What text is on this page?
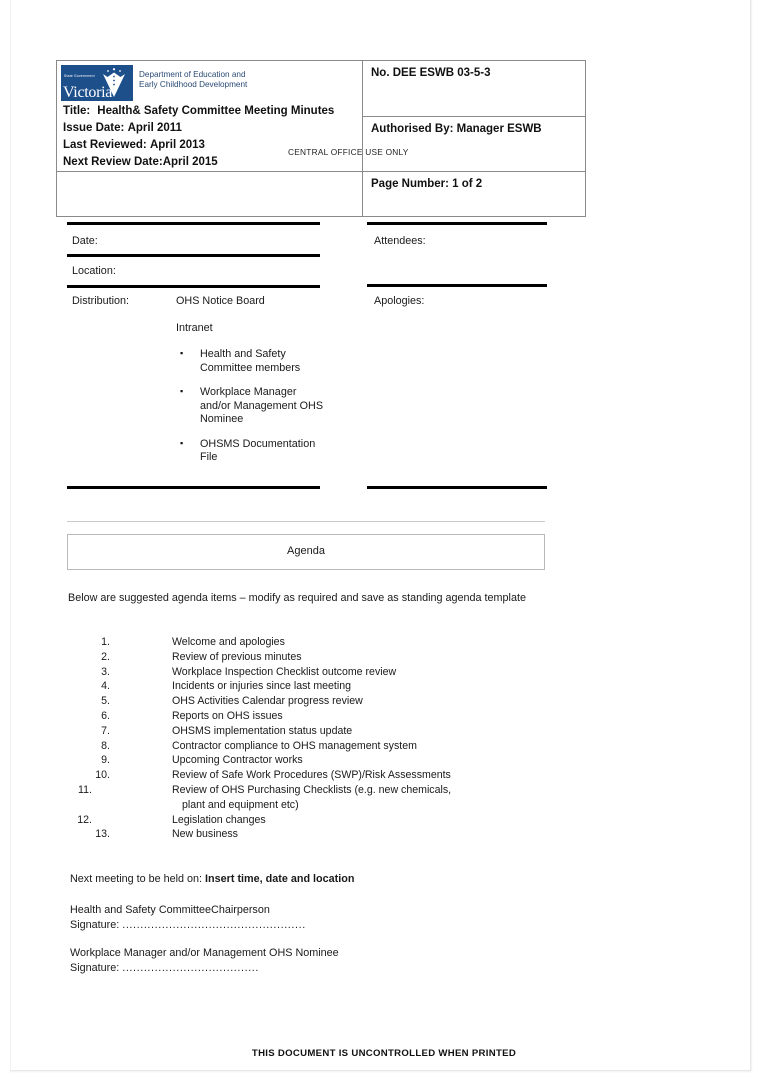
State Government
Victoria
Department of Education and
Early Childhood Development
Title: Health& Safety Committee Meeting Minutes
Issue Date: April 2011
Last Reviewed: April 2013
Next Review Date:April 2015

No. DEE ESWB 03-5-3

	Authorised By: Manager ESWB

	Page Number: 1 of 2
CENTRAL OFFICE USE ONLY
Date:
Location:
Distribution:	OHS Notice Board
Intranet
▪ Health and Safety Committee members
▪ Workplace Manager and/or Management OHS Nominee
▪ OHSMS Documentation File
Attendees:
Apologies:
Agenda
Below are suggested agenda items – modify as required and save as standing agenda template
1.	Welcome and apologies
2.	Review of previous minutes
3.	Workplace Inspection Checklist outcome review
4.	Incidents or injuries since last meeting
5.	OHS Activities Calendar progress review
6.	Reports on OHS issues
7.	OHSMS implementation status update
8.	Contractor compliance to OHS management system
9.	Upcoming Contractor works
10.	Review of Safe Work Procedures (SWP)/Risk Assessments
11.	Review of OHS Purchasing Checklists (e.g. new chemicals,
plant and equipment etc)
12.	Legislation changes
13.	New business
Next meeting to be held on: Insert time, date and location
Health and Safety CommitteeChairperson
Signature: ...................................................
Workplace Manager and/or Management OHS Nominee
Signature: ......................................
THIS DOCUMENT IS UNCONTROLLED WHEN PRINTED
